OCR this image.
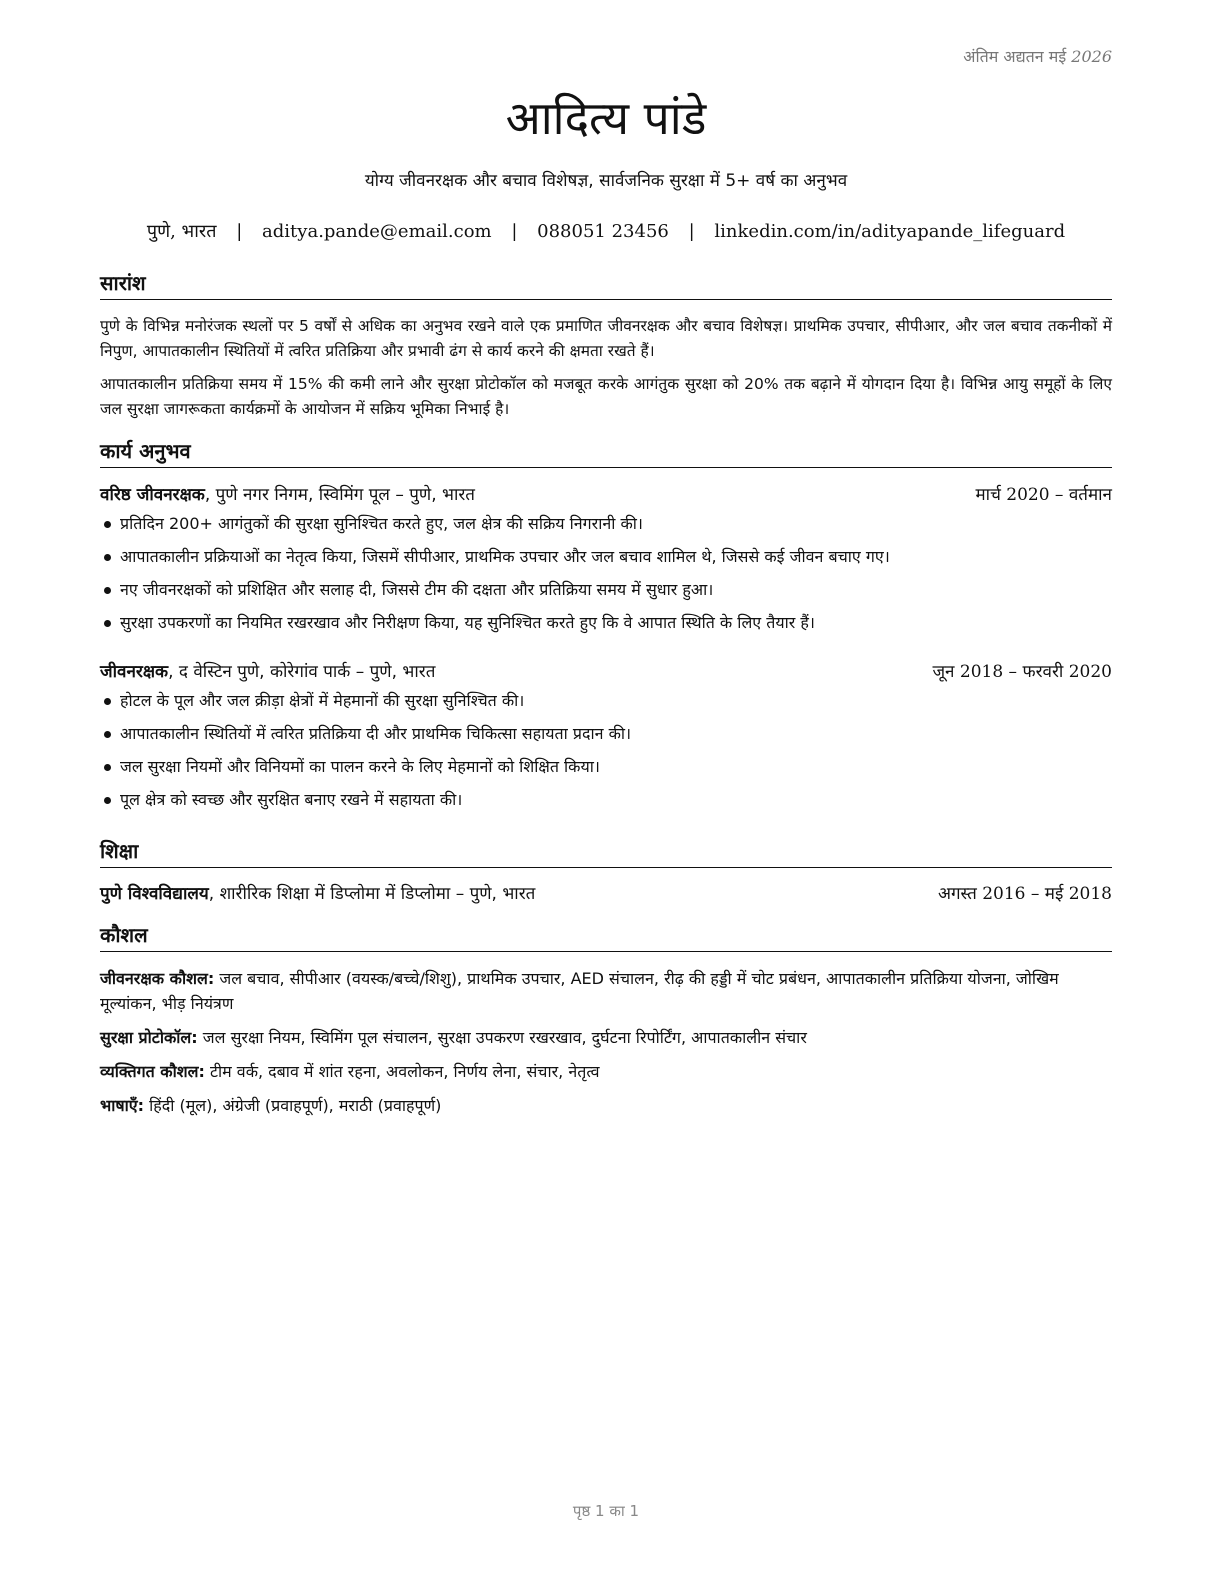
अंतिम अद्यतन मई 2026
आदित्य पांडे
योग्य जीवनरक्षक और बचाव विशेषज्ञ, सार्वजनिक सुरक्षा में 5+ वर्ष का अनुभव
पुणे, भारत | aditya.pande@email.com | 088051 23456 | linkedin.com/in/adityapande_lifeguard
सारांश
पुणे के विभिन्न मनोरंजक स्थलों पर 5 वर्षों से अधिक का अनुभव रखने वाले एक प्रमाणित जीवनरक्षक और बचाव विशेषज्ञ। प्राथमिक उपचार, सीपीआर, और जल बचाव तकनीकों में निपुण, आपातकालीन स्थितियों में त्वरित प्रतिक्रिया और प्रभावी ढंग से कार्य करने की क्षमता रखते हैं।
आपातकालीन प्रतिक्रिया समय में 15% की कमी लाने और सुरक्षा प्रोटोकॉल को मजबूत करके आगंतुक सुरक्षा को 20% तक बढ़ाने में योगदान दिया है। विभिन्न आयु समूहों के लिए जल सुरक्षा जागरूकता कार्यक्रमों के आयोजन में सक्रिय भूमिका निभाई है।
कार्य अनुभव
वरिष्ठ जीवनरक्षक, पुणे नगर निगम, स्विमिंग पूल – पुणे, भारत	मार्च 2020 – वर्तमान
प्रतिदिन 200+ आगंतुकों की सुरक्षा सुनिश्चित करते हुए, जल क्षेत्र की सक्रिय निगरानी की।
आपातकालीन प्रक्रियाओं का नेतृत्व किया, जिसमें सीपीआर, प्राथमिक उपचार और जल बचाव शामिल थे, जिससे कई जीवन बचाए गए।
नए जीवनरक्षकों को प्रशिक्षित और सलाह दी, जिससे टीम की दक्षता और प्रतिक्रिया समय में सुधार हुआ।
सुरक्षा उपकरणों का नियमित रखरखाव और निरीक्षण किया, यह सुनिश्चित करते हुए कि वे आपात स्थिति के लिए तैयार हैं।
जीवनरक्षक, द वेस्टिन पुणे, कोरेगांव पार्क – पुणे, भारत	जून 2018 – फरवरी 2020
होटल के पूल और जल क्रीड़ा क्षेत्रों में मेहमानों की सुरक्षा सुनिश्चित की।
आपातकालीन स्थितियों में त्वरित प्रतिक्रिया दी और प्राथमिक चिकित्सा सहायता प्रदान की।
जल सुरक्षा नियमों और विनियमों का पालन करने के लिए मेहमानों को शिक्षित किया।
पूल क्षेत्र को स्वच्छ और सुरक्षित बनाए रखने में सहायता की।
शिक्षा
पुणे विश्वविद्यालय, शारीरिक शिक्षा में डिप्लोमा में डिप्लोमा – पुणे, भारत	अगस्त 2016 – मई 2018
कौशल
जीवनरक्षक कौशल: जल बचाव, सीपीआर (वयस्क/बच्चे/शिशु), प्राथमिक उपचार, AED संचालन, रीढ़ की हड्डी में चोट प्रबंधन, आपातकालीन प्रतिक्रिया योजना, जोखिम मूल्यांकन, भीड़ नियंत्रण
सुरक्षा प्रोटोकॉल: जल सुरक्षा नियम, स्विमिंग पूल संचालन, सुरक्षा उपकरण रखरखाव, दुर्घटना रिपोर्टिंग, आपातकालीन संचार
व्यक्तिगत कौशल: टीम वर्क, दबाव में शांत रहना, अवलोकन, निर्णय लेना, संचार, नेतृत्व
भाषाएँ: हिंदी (मूल), अंग्रेजी (प्रवाहपूर्ण), मराठी (प्रवाहपूर्ण)
पृष्ठ 1 का 1
